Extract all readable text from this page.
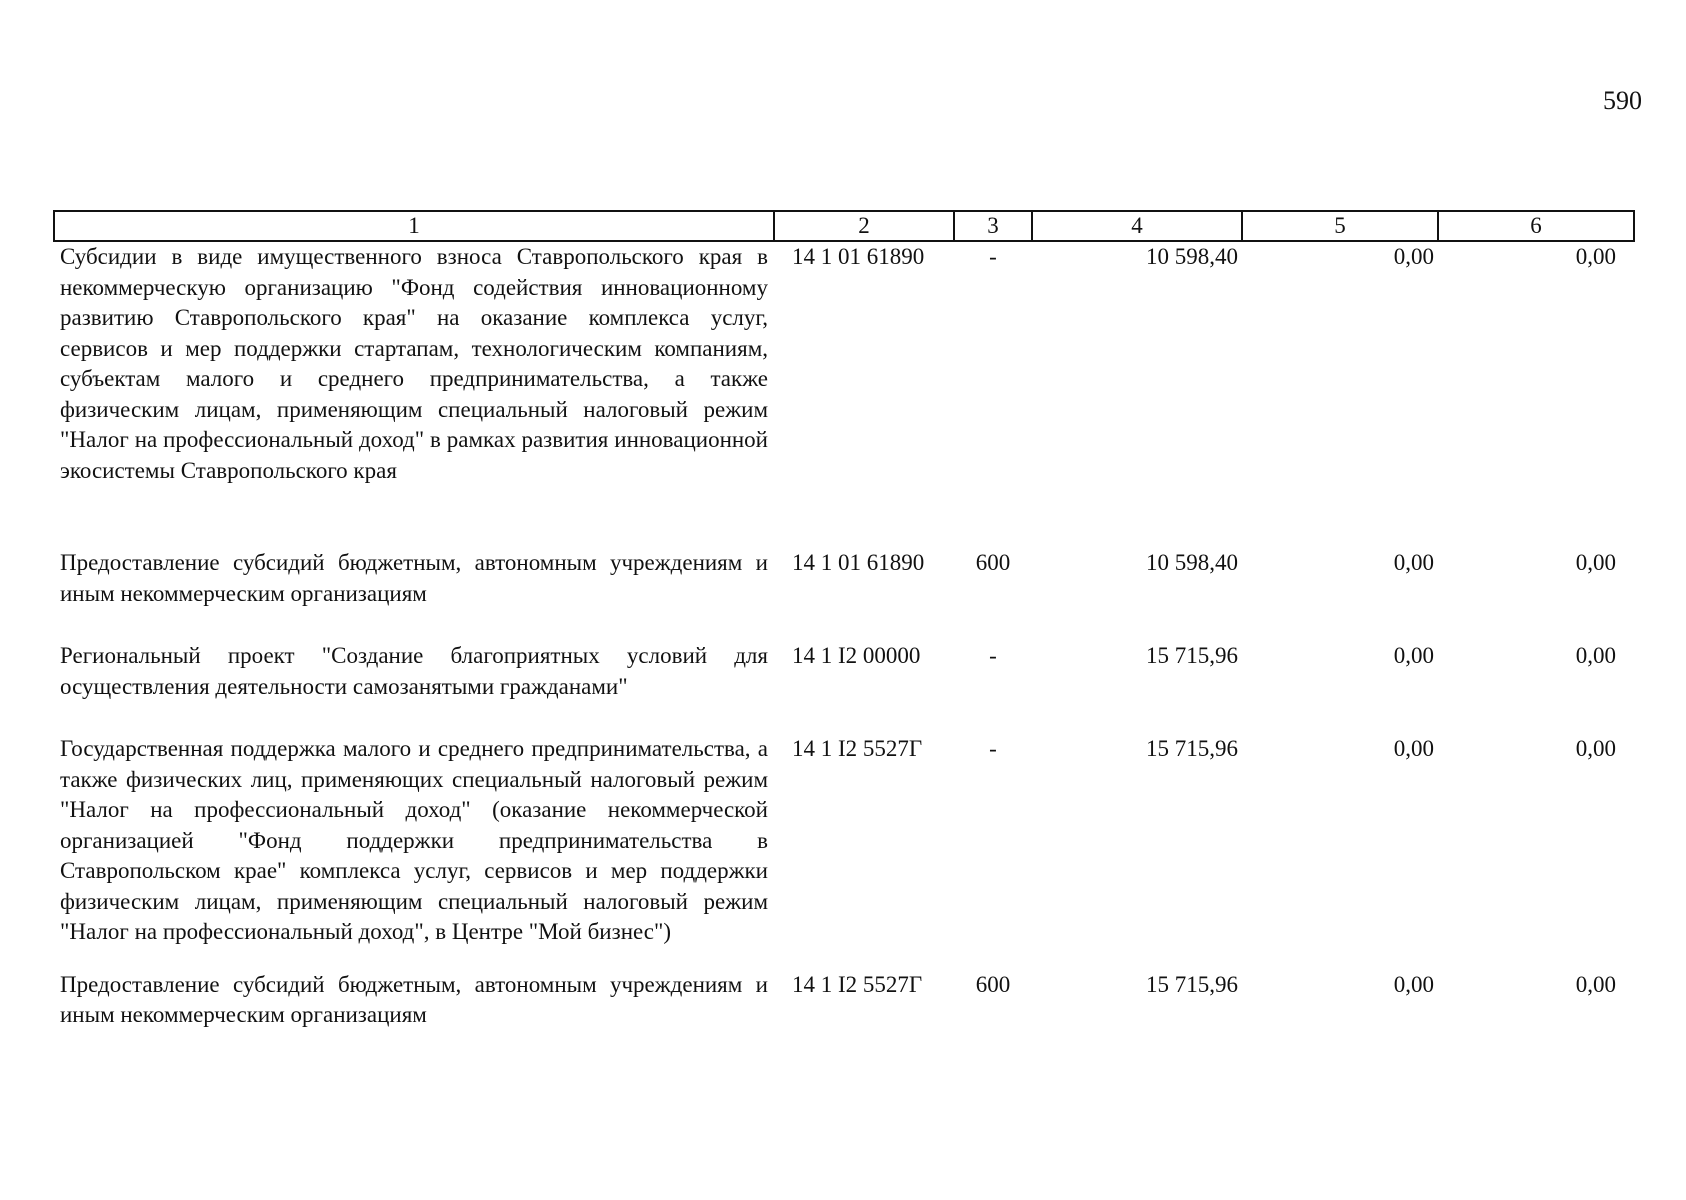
590
1	2	3	4	5	6
Субсидии в виде имущественного взноса Ставропольского края в некоммерческую организацию "Фонд содействия инновационному развитию Ставропольского края" на оказание комплекса услуг, сервисов и мер поддержки стартапам, технологическим компаниям, субъектам малого и среднего предпринимательства, а также физическим лицам, применяющим специальный налоговый режим "Налог на профессиональный доход" в рамках развития инновационной экосистемы Ставропольского края	14 1 01 61890	-	10 598,40	0,00	0,00
Предоставление субсидий бюджетным, автономным учреждениям и иным некоммерческим организациям	14 1 01 61890	600	10 598,40	0,00	0,00
Региональный проект "Создание благоприятных условий для осуществления деятельности самозанятыми гражданами"	14 1 I2 00000	-	15 715,96	0,00	0,00
Государственная поддержка малого и среднего предпринимательства, а также физических лиц, применяющих специальный налоговый режим "Налог на профессиональный доход" (оказание некоммерческой организацией "Фонд поддержки предпринимательства в Ставропольском крае" комплекса услуг, сервисов и мер поддержки физическим лицам, применяющим специальный налоговый режим "Налог на профессиональный доход", в Центре "Мой бизнес")	14 1 I2 5527Г	-	15 715,96	0,00	0,00
Предоставление субсидий бюджетным, автономным учреждениям и иным некоммерческим организациям	14 1 I2 5527Г	600	15 715,96	0,00	0,00
